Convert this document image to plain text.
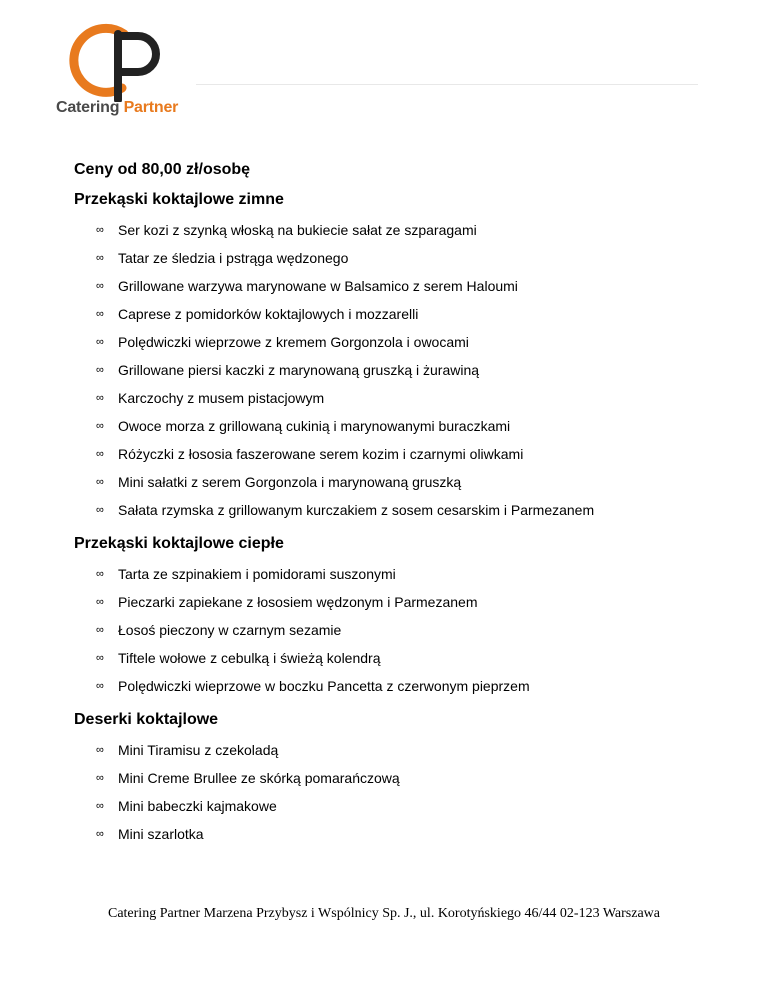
Catering Partner
Ceny od 80,00 zł/osobę
Przekąski koktajlowe zimne
∞ Ser kozi z szynką włoską na bukiecie sałat ze szparagami
∞ Tatar ze śledzia i pstrąga wędzonego
∞ Grillowane warzywa marynowane w Balsamico z serem Haloumi
∞ Caprese z pomidorków koktajlowych i mozzarelli
∞ Polędwiczki wieprzowe z kremem Gorgonzola i owocami
∞ Grillowane piersi kaczki z marynowaną gruszką i żurawiną
∞ Karczochy z musem pistacjowym
∞ Owoce morza z grillowaną cukinią i marynowanymi buraczkami
∞ Różyczki z łososia faszerowane serem kozim i czarnymi oliwkami
∞ Mini sałatki z serem Gorgonzola i marynowaną gruszką
∞ Sałata rzymska z grillowanym kurczakiem z sosem cesarskim i Parmezanem
Przekąski koktajlowe ciepłe
∞ Tarta ze szpinakiem i pomidorami suszonymi
∞ Pieczarki zapiekane z łososiem wędzonym i Parmezanem
∞ Łosoś pieczony w czarnym sezamie
∞ Tiftele wołowe z cebulką i świeżą kolendrą
∞ Polędwiczki wieprzowe w boczku Pancetta z czerwonym pieprzem
Deserki koktajlowe
∞ Mini Tiramisu z czekoladą
∞ Mini Creme Brullee ze skórką pomarańczową
∞ Mini babeczki kajmakowe
∞ Mini szarlotka
Catering Partner Marzena Przybysz i Wspólnicy Sp. J., ul. Korotyńskiego 46/44 02-123 Warszawa
